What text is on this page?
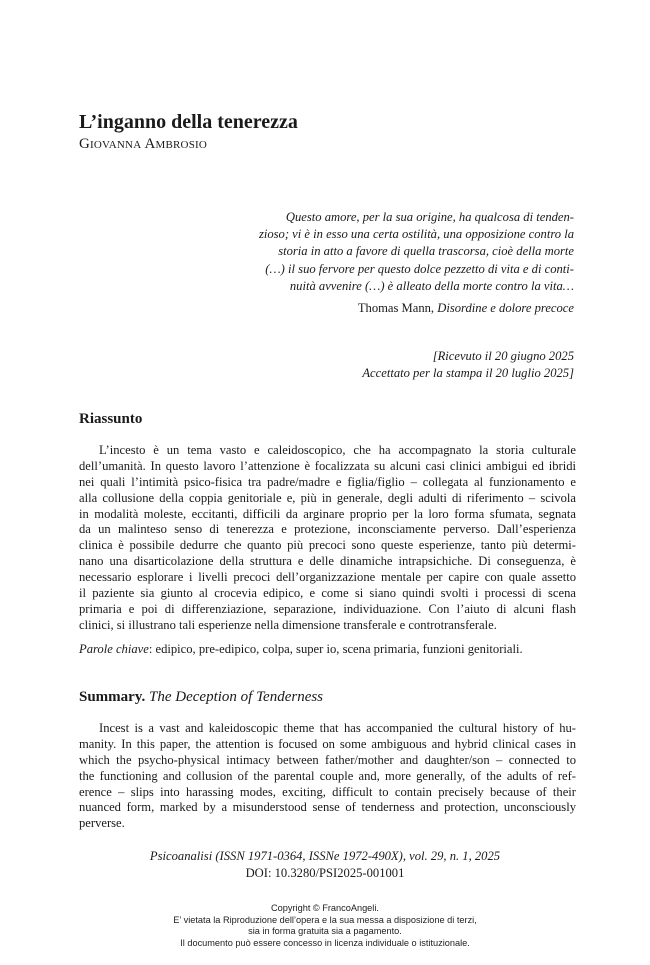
L’inganno della tenerezza
Giovanna Ambrosio
Questo amore, per la sua origine, ha qualcosa di tenden-
zioso; vi è in esso una certa ostilità, una opposizione contro la
storia in atto a favore di quella trascorsa, cioè della morte
(…) il suo fervore per questo dolce pezzetto di vita e di conti-
nuità avvenire (…) è alleato della morte contro la vita…
Thomas Mann, Disordine e dolore precoce
[Ricevuto il 20 giugno 2025
Accettato per la stampa il 20 luglio 2025]
Riassunto
L’incesto è un tema vasto e caleidoscopico, che ha accompagnato la storia culturale
dell’umanità. In questo lavoro l’attenzione è focalizzata su alcuni casi clinici ambigui ed ibridi
nei quali l’intimità psico-fisica tra padre/madre e figlia/figlio – collegata al funzionamento e
alla collusione della coppia genitoriale e, più in generale, degli adulti di riferimento – scivola
in modalità moleste, eccitanti, difficili da arginare proprio per la loro forma sfumata, segnata
da un malinteso senso di tenerezza e protezione, inconsciamente perverso. Dall’esperienza
clinica è possibile dedurre che quanto più precoci sono queste esperienze, tanto più determi-
nano una disarticolazione della struttura e delle dinamiche intrapsichiche. Di conseguenza, è
necessario esplorare i livelli precoci dell’organizzazione mentale per capire con quale assetto
il paziente sia giunto al crocevia edipico, e come si siano quindi svolti i processi di scena
primaria e poi di differenziazione, separazione, individuazione. Con l’aiuto di alcuni flash
clinici, si illustrano tali esperienze nella dimensione transferale e controtransferale.
Parole chiave: edipico, pre-edipico, colpa, super io, scena primaria, funzioni genitoriali.
Summary. The Deception of Tenderness
Incest is a vast and kaleidoscopic theme that has accompanied the cultural history of hu-
manity. In this paper, the attention is focused on some ambiguous and hybrid clinical cases in
which the psycho-physical intimacy between father/mother and daughter/son – connected to
the functioning and collusion of the parental couple and, more generally, of the adults of ref-
erence – slips into harassing modes, exciting, difficult to contain precisely because of their
nuanced form, marked by a misunderstood sense of tenderness and protection, unconsciously
perverse.
Psicoanalisi (ISSN 1971-0364, ISSNe 1972-490X), vol. 29, n. 1, 2025
DOI: 10.3280/PSI2025-001001
Copyright © FrancoAngeli.
E’ vietata la Riproduzione dell’opera e la sua messa a disposizione di terzi,
sia in forma gratuita sia a pagamento.
Il documento può essere concesso in licenza individuale o istituzionale.
